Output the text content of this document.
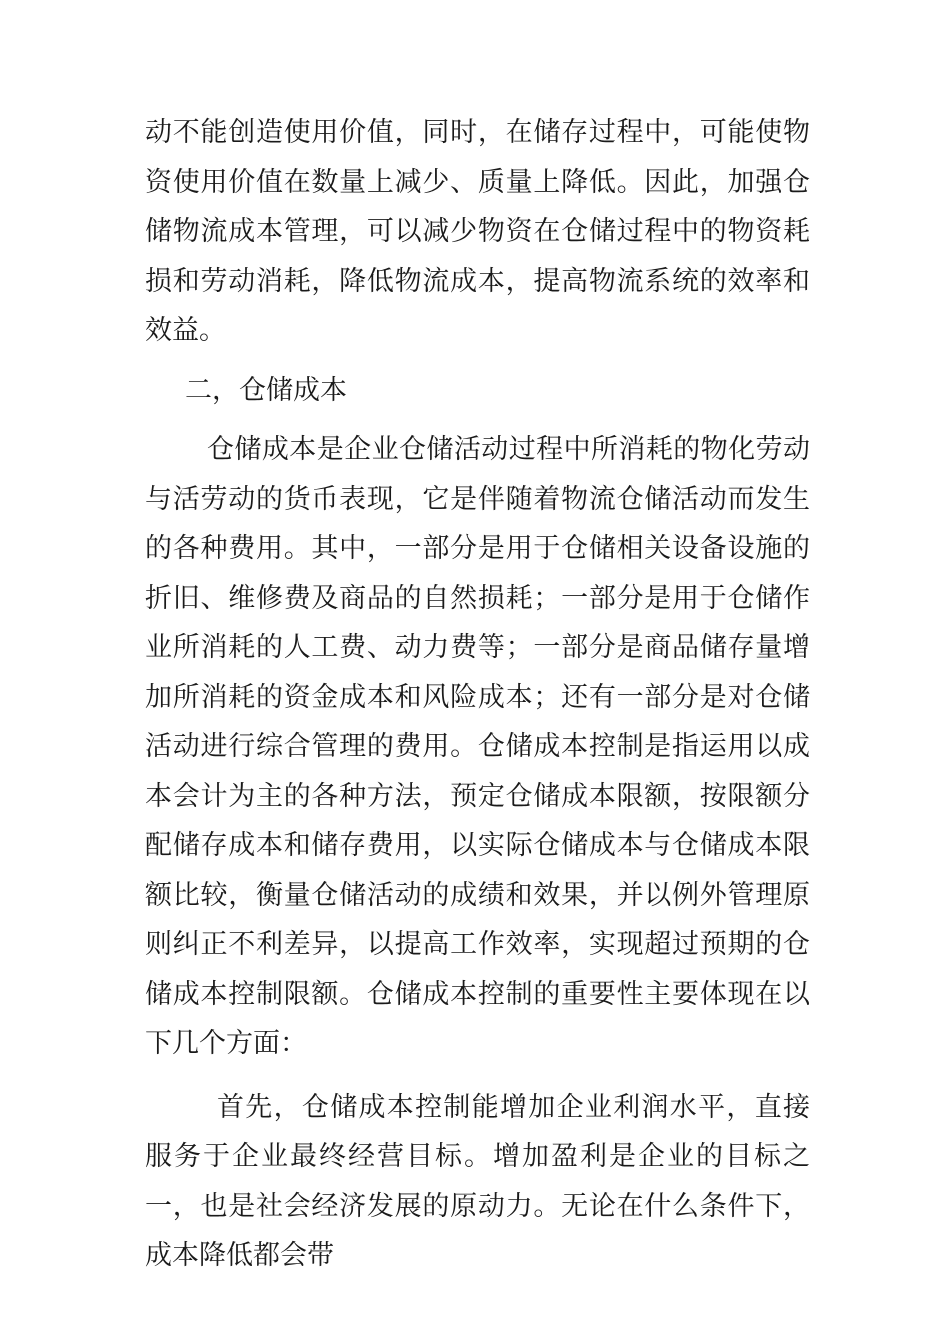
动不能创造使用价值，同时，在储存过程中，可能使物资使用价值在数量上减少、质量上降低。因此，加强仓储物流成本管理，可以减少物资在仓储过程中的物资耗损和劳动消耗，降低物流成本，提高物流系统的效率和效益。

二，仓储成本

仓储成本是企业仓储活动过程中所消耗的物化劳动与活劳动的货币表现，它是伴随着物流仓储活动而发生的各种费用。其中，一部分是用于仓储相关设备设施的折旧、维修费及商品的自然损耗；一部分是用于仓储作业所消耗的人工费、动力费等；一部分是商品储存量增加所消耗的资金成本和风险成本；还有一部分是对仓储活动进行综合管理的费用。仓储成本控制是指运用以成本会计为主的各种方法，预定仓储成本限额，按限额分配储存成本和储存费用，以实际仓储成本与仓储成本限额比较，衡量仓储活动的成绩和效果，并以例外管理原则纠正不利差异，以提高工作效率，实现超过预期的仓储成本控制限额。仓储成本控制的重要性主要体现在以下几个方面：

首先，仓储成本控制能增加企业利润水平，直接服务于企业最终经营目标。增加盈利是企业的目标之一，也是社会经济发展的原动力。无论在什么条件下，成本降低都会带
